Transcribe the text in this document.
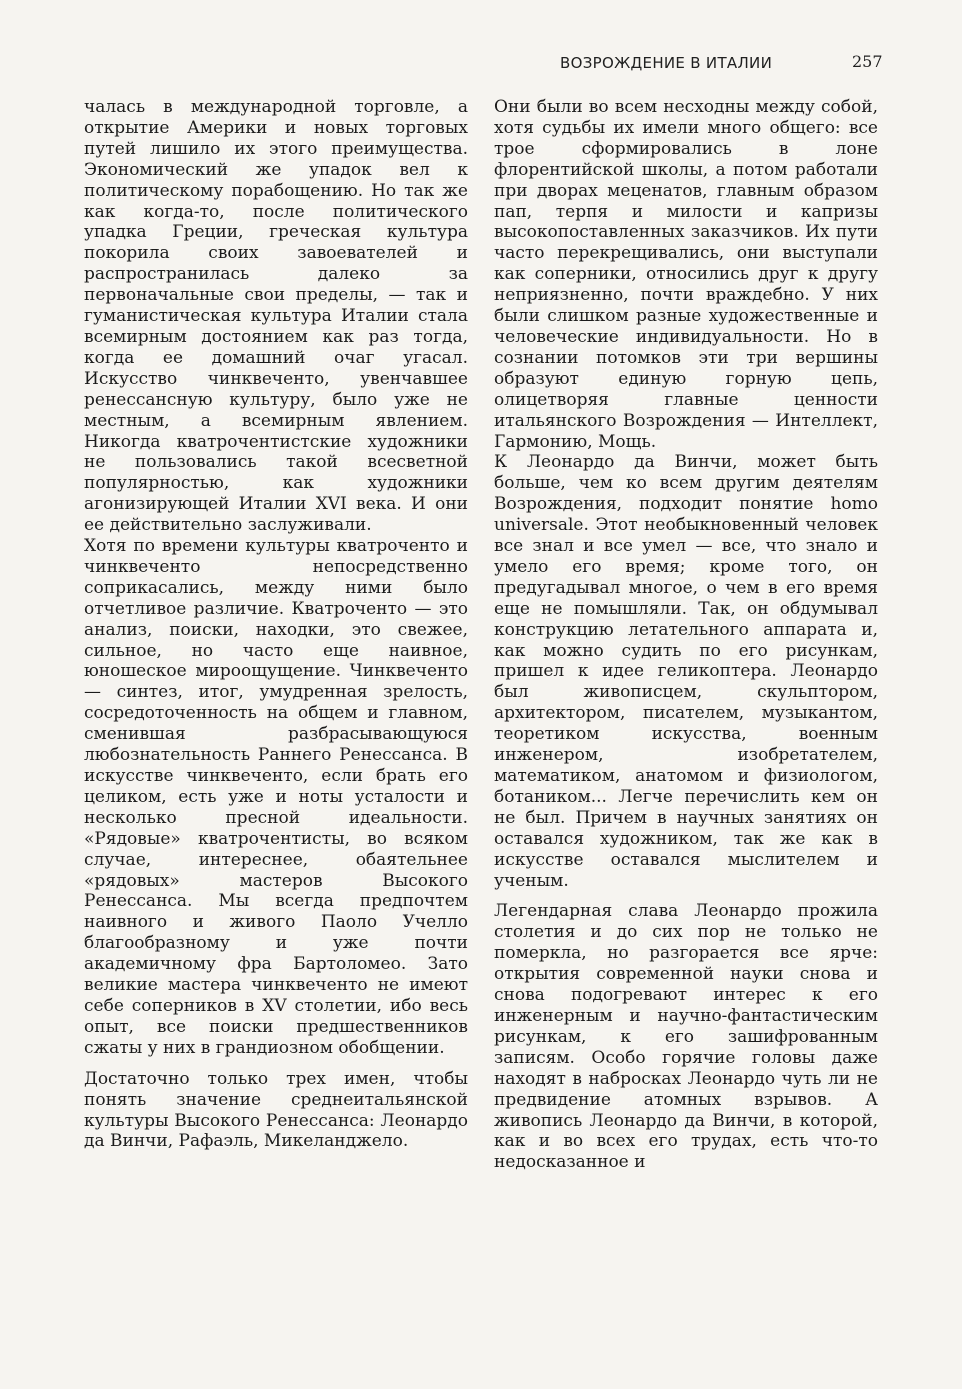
ВОЗРОЖДЕНИЕ В ИТАЛИИ	257

чалась в международной торговле, а открытие Америки и новых торговых путей лишило их этого преимущества. Экономический же упадок вел к политическому порабощению. Но так же как когда-то, после политического упадка Греции, греческая культура покорила своих завоевателей и распространилась далеко за первоначальные свои пределы, — так и гуманистическая культура Италии стала всемирным достоянием как раз тогда, когда ее домашний очаг угасал. Искусство чинквеченто, увенчавшее ренессансную культуру, было уже не местным, а всемирным явлением. Никогда кватрочентистские художники не пользовались такой всесветной популярностью, как художники агонизирующей Италии XVI века. И они ее действительно заслуживали.

Хотя по времени культуры кватроченто и чинквеченто непосредственно соприкасались, между ними было отчетливое различие. Кватроченто — это анализ, поиски, находки, это свежее, сильное, но часто еще наивное, юношеское мироощущение. Чинквеченто — синтез, итог, умудренная зрелость, сосредоточенность на общем и главном, сменившая разбрасывающуюся любознательность Раннего Ренессанса. В искусстве чинквеченто, если брать его целиком, есть уже и ноты усталости и несколько пресной идеальности. «Рядовые» кватрочентисты, во всяком случае, интереснее, обаятельнее «рядовых» мастеров Высокого Ренессанса. Мы всегда предпочтем наивного и живого Паоло Учелло благообразному и уже почти академичному фра Бартоломео. Зато великие мастера чинквеченто не имеют себе соперников в XV столетии, ибо весь опыт, все поиски предшественников сжаты у них в грандиозном обобщении.

Достаточно только трех имен, чтобы понять значение среднеитальянской культуры Высокого Ренессанса: Леонардо да Винчи, Рафаэль, Микеланджело.

Они были во всем несходны между собой, хотя судьбы их имели много общего: все трое сформировались в лоне флорентийской школы, а потом работали при дворах меценатов, главным образом пап, терпя и милости и капризы высокопоставленных заказчиков. Их пути часто перекрещивались, они выступали как соперники, относились друг к другу неприязненно, почти враждебно. У них были слишком разные художественные и человеческие индивидуальности. Но в сознании потомков эти три вершины образуют единую горную цепь, олицетворяя главные ценности итальянского Возрождения — Интеллект, Гармонию, Мощь.

К Леонардо да Винчи, может быть больше, чем ко всем другим деятелям Возрождения, подходит понятие homo universale. Этот необыкновенный человек все знал и все умел — все, что знало и умело его время; кроме того, он предугадывал многое, о чем в его время еще не помышляли. Так, он обдумывал конструкцию летательного аппарата и, как можно судить по его рисункам, пришел к идее геликоптера. Леонардо был живописцем, скульптором, архитектором, писателем, музыкантом, теоретиком искусства, военным инженером, изобретателем, математиком, анатомом и физиологом, ботаником... Легче перечислить кем он не был. Причем в научных занятиях он оставался художником, так же как в искусстве оставался мыслителем и ученым.

Легендарная слава Леонардо прожила столетия и до сих пор не только не померкла, но разгорается все ярче: открытия современной науки снова и снова подогревают интерес к его инженерным и научно-фантастическим рисункам, к его зашифрованным записям. Особо горячие головы даже находят в набросках Леонардо чуть ли не предвидение атомных взрывов. А живопись Леонардо да Винчи, в которой, как и во всех его трудах, есть что-то недосказанное и
